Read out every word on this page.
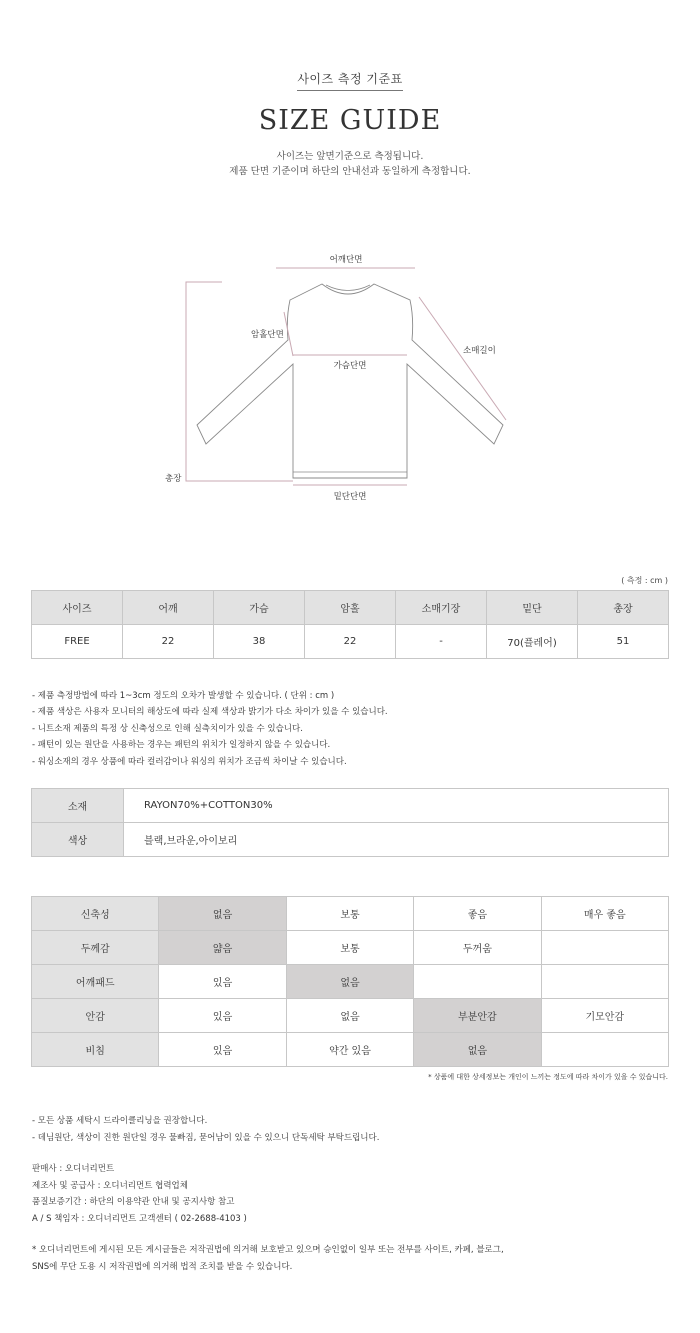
사이즈 측정 기준표
SIZE GUIDE
사이즈는 앞면기준으로 측정됩니다.
제품 단면 기준이며 하단의 안내선과 동일하게 측정합니다.
어깨단면
암홀단면
소매길이
가슴단면
총장
밑단단면
( 측정 : cm )
사이즈	어깨	가슴	암홀	소매기장	밑단	총장
FREE	22	38	22	-	70(플레어)	51
- 제품 측정방법에 따라 1~3cm 정도의 오차가 발생할 수 있습니다. ( 단위 : cm )
- 제품 색상은 사용자 모니터의 해상도에 따라 실제 색상과 밝기가 다소 차이가 있을 수 있습니다.
- 니트소재 제품의 특정 상 신축성으로 인해 실측치이가 있을 수 있습니다.
- 패턴이 있는 원단을 사용하는 경우는 패턴의 위치가 일정하지 않을 수 있습니다.
- 워싱소재의 경우 상품에 따라 컬러감이나 워싱의 위치가 조금씩 차이날 수 있습니다.
소재	RAYON70%+COTTON30%
색상	블랙,브라운,아이보리
신축성	없음	보통	좋음	매우 좋음
두께감	얇음	보통	두꺼움	
어깨패드	있음	없음		
안감	있음	없음	부분안감	기모안감
비침	있음	약간 있음	없음	
* 상품에 대한 상세정보는 개인이 느끼는 정도에 따라 차이가 있을 수 있습니다.
- 모든 상품 세탁시 드라이클리닝을 권장합니다.
- 데님원단, 색상이 진한 원단일 경우 물빠짐, 묻어남이 있을 수 있으니 단독세탁 부탁드립니다.
판매사 : 오디너리먼트
제조사 및 공급사 : 오디너리먼트 협력업체
품질보증기간 : 하단의 이용약관 안내 및 공지사항 참고
A / S 책임자 : 오디너리먼트 고객센터 ( 02-2688-4103 )
* 오디너리먼트에 게시된 모든 게시글들은 저작권법에 의거해 보호받고 있으며 승인없이 일부 또는 전부를 사이트, 카페, 블로그,
SNS에 무단 도용 시 저작권법에 의거해 법적 조치를 받을 수 있습니다.
